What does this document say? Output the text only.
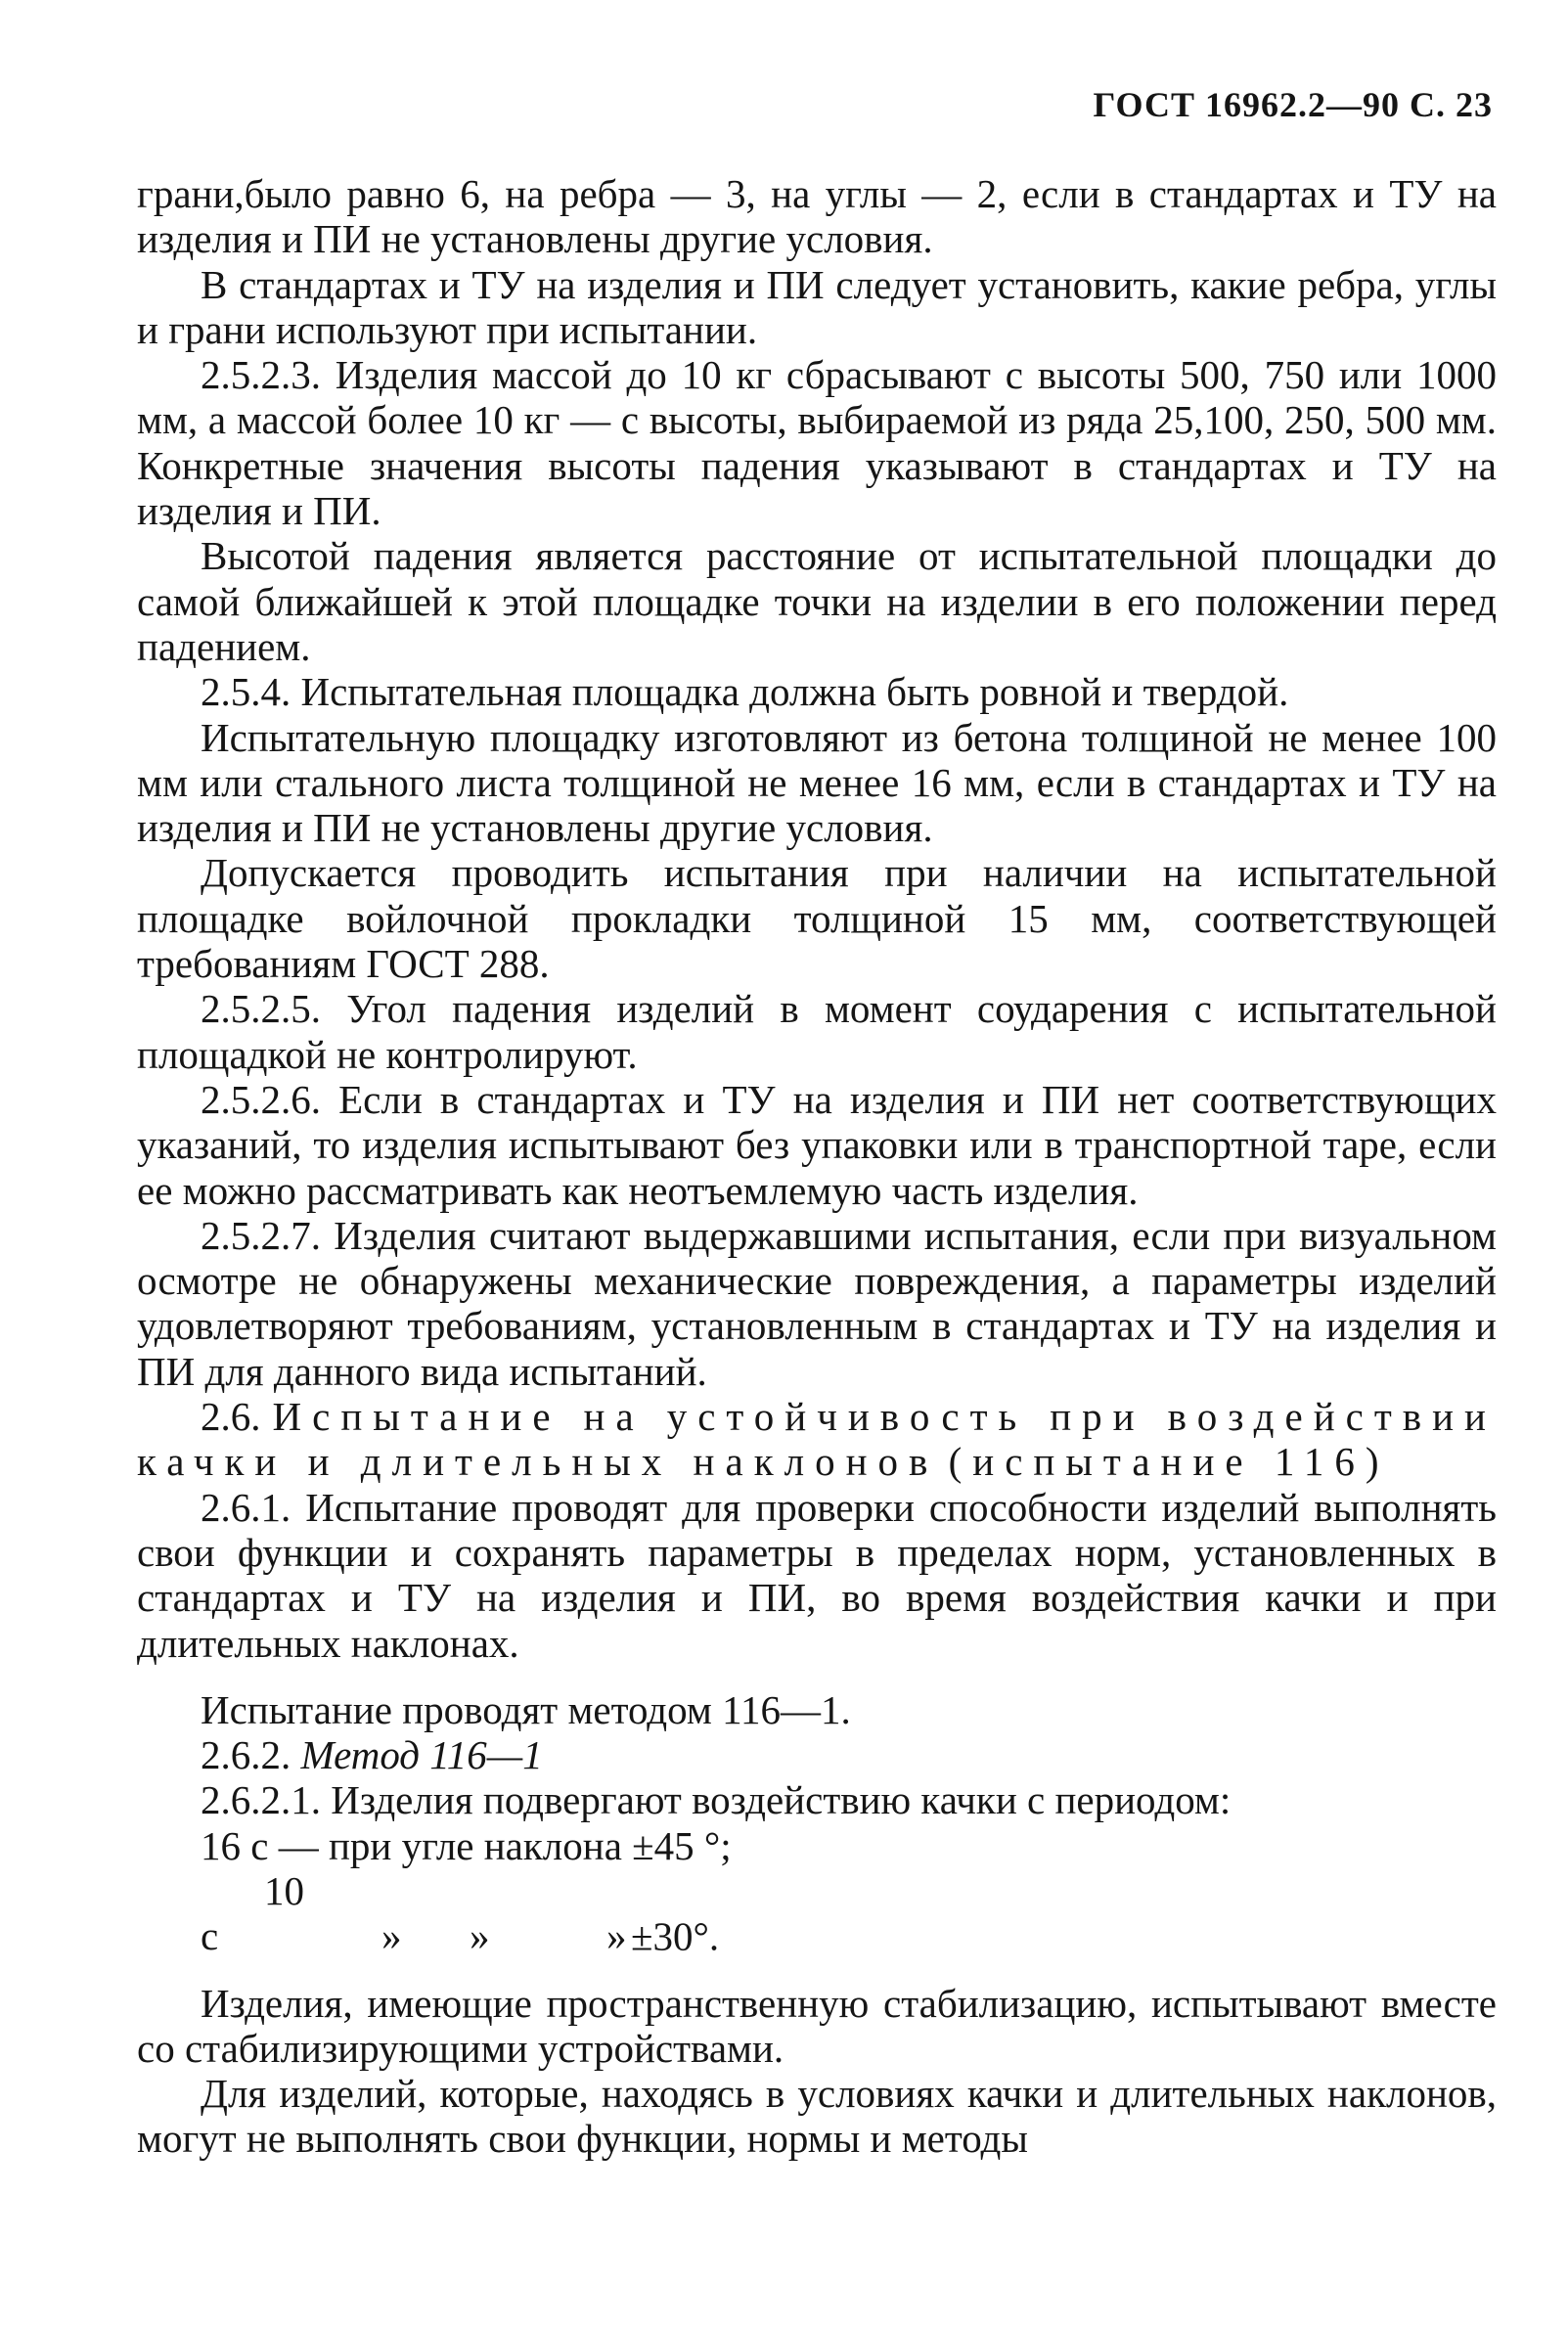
ГОСТ 16962.2—90 С. 23

грани,было равно 6, на ребра — 3, на углы — 2, если в стандартах и ТУ на изделия и ПИ не установлены другие условия.

В стандартах и ТУ на изделия и ПИ следует установить, какие ребра, углы и грани используют при испытании.

2.5.2.3. Изделия массой до 10 кг сбрасывают с высоты 500, 750 или 1000 мм, а массой более 10 кг — с высоты, выбираемой из ряда 25,100, 250, 500 мм. Конкретные значения высоты падения указывают в стандартах и ТУ на изделия и ПИ.

Высотой падения является расстояние от испытательной площадки до самой ближайшей к этой площадке точки на изделии в его положении перед падением.

2.5.4. Испытательная площадка должна быть ровной и твердой.

Испытательную площадку изготовляют из бетона толщиной не менее 100 мм или стального листа толщиной не менее 16 мм, если в стандартах и ТУ на изделия и ПИ не установлены другие условия.

Допускается проводить испытания при наличии на испытательной площадке войлочной прокладки толщиной 15 мм, соответствующей требованиям ГОСТ 288.

2.5.2.5. Угол падения изделий в момент соударения с испытательной площадкой не контролируют.

2.5.2.6. Если в стандартах и ТУ на изделия и ПИ нет соответствующих указаний, то изделия испытывают без упаковки или в транспортной таре, если ее можно рассматривать как неотъемлемую часть изделия.

2.5.2.7. Изделия считают выдержавшими испытания, если при визуальном осмотре не обнаружены механические повреждения, а параметры изделий удовлетворяют требованиям, установленным в стандартах и ТУ на изделия и ПИ для данного вида испытаний.

2.6. Испытание на устойчивость при воздействии качки и длительных наклонов (испытание 116)

2.6.1. Испытание проводят для проверки способности изделий выполнять свои функции и сохранять параметры в пределах норм, установленных в стандартах и ТУ на изделия и ПИ, во время воздействия качки и при длительных наклонах.

Испытание проводят методом 116—1.

2.6.2. Метод 116—1

2.6.2.1. Изделия подвергают воздействию качки с периодом:

16 с — при угле наклона ±45 °;
10 с	» »	» ±30°.

Изделия, имеющие пространственную стабилизацию, испытывают вместе со стабилизирующими устройствами.

Для изделий, которые, находясь в условиях качки и длительных наклонов, могут не выполнять свои функции, нормы и методы
